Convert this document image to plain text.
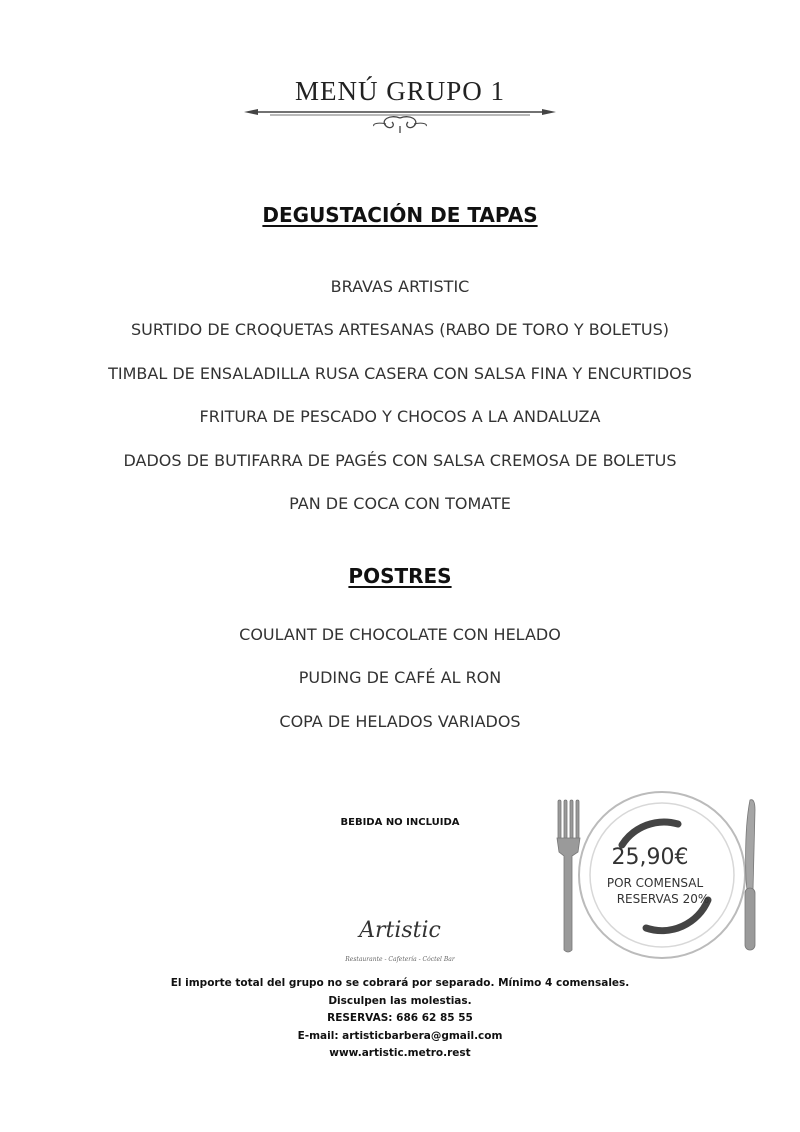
MENÚ GRUPO 1
DEGUSTACIÓN DE TAPAS
BRAVAS ARTISTIC
SURTIDO DE CROQUETAS ARTESANAS (RABO DE TORO Y BOLETUS)
TIMBAL DE ENSALADILLA RUSA CASERA CON SALSA FINA Y ENCURTIDOS
FRITURA DE PESCADO Y CHOCOS A LA ANDALUZA
DADOS DE BUTIFARRA DE PAGÉS CON SALSA CREMOSA DE BOLETUS
PAN DE COCA CON TOMATE
POSTRES
COULANT DE CHOCOLATE CON HELADO
PUDING DE CAFÉ AL RON
COPA DE HELADOS VARIADOS
BEBIDA NO INCLUIDA
25,90€
POR COMENSAL
RESERVAS 20%
Artistic
Restaurante - Cafetería - Cóctel Bar
El importe total del grupo no se cobrará por separado. Mínimo 4 comensales.
Disculpen las molestias.
RESERVAS: 686 62 85 55
E-mail: artisticbarbera@gmail.com
www.artistic.metro.rest
